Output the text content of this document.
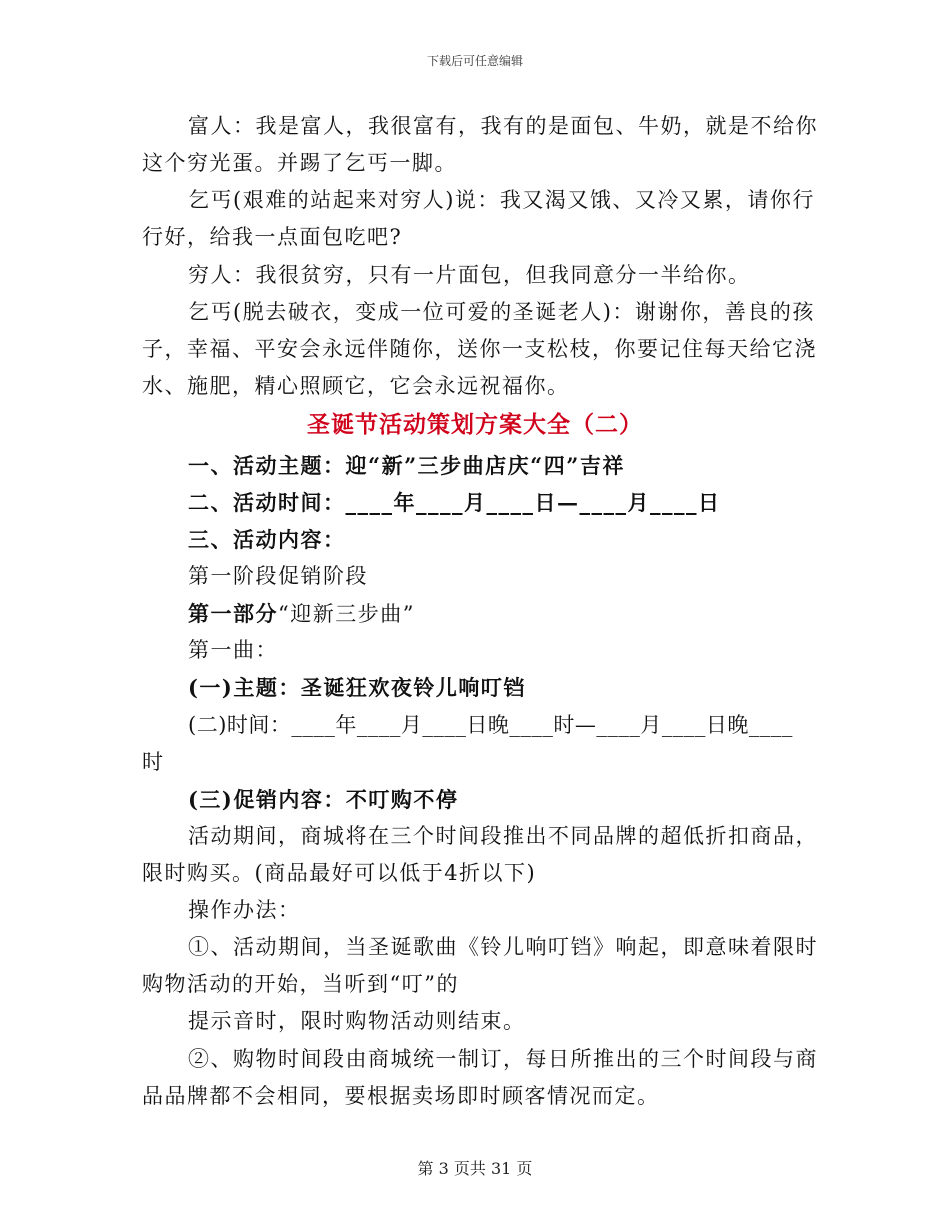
下载后可任意编辑
富人：我是富人，我很富有，我有的是面包、牛奶，就是不给你
这个穷光蛋。并踢了乞丐一脚。
乞丐(艰难的站起来对穷人)说：我又渴又饿、又冷又累，请你行
行好，给我一点面包吃吧?
穷人：我很贫穷，只有一片面包，但我同意分一半给你。
乞丐(脱去破衣，变成一位可爱的圣诞老人)：谢谢你，善良的孩
子，幸福、平安会永远伴随你，送你一支松枝，你要记住每天给它浇
水、施肥，精心照顾它，它会永远祝福你。
圣诞节活动策划方案大全（二）
一、活动主题：迎“新”三步曲店庆“四”吉祥
二、活动时间：____年____月____日—____月____日
三、活动内容：
第一阶段促销阶段
第一部分“迎新三步曲”
第一曲：
(一)主题：圣诞狂欢夜铃儿响叮铛
(二)时间：____年____月____日晚____时—____月____日晚____
时
(三)促销内容：不叮购不停
活动期间，商城将在三个时间段推出不同品牌的超低折扣商品，
限时购买。(商品最好可以低于4折以下)
操作办法：
①、活动期间，当圣诞歌曲《铃儿响叮铛》响起，即意味着限时
购物活动的开始，当听到“叮”的
提示音时，限时购物活动则结束。
②、购物时间段由商城统一制订，每日所推出的三个时间段与商
品品牌都不会相同，要根据卖场即时顾客情况而定。
第 3 页共 31 页
